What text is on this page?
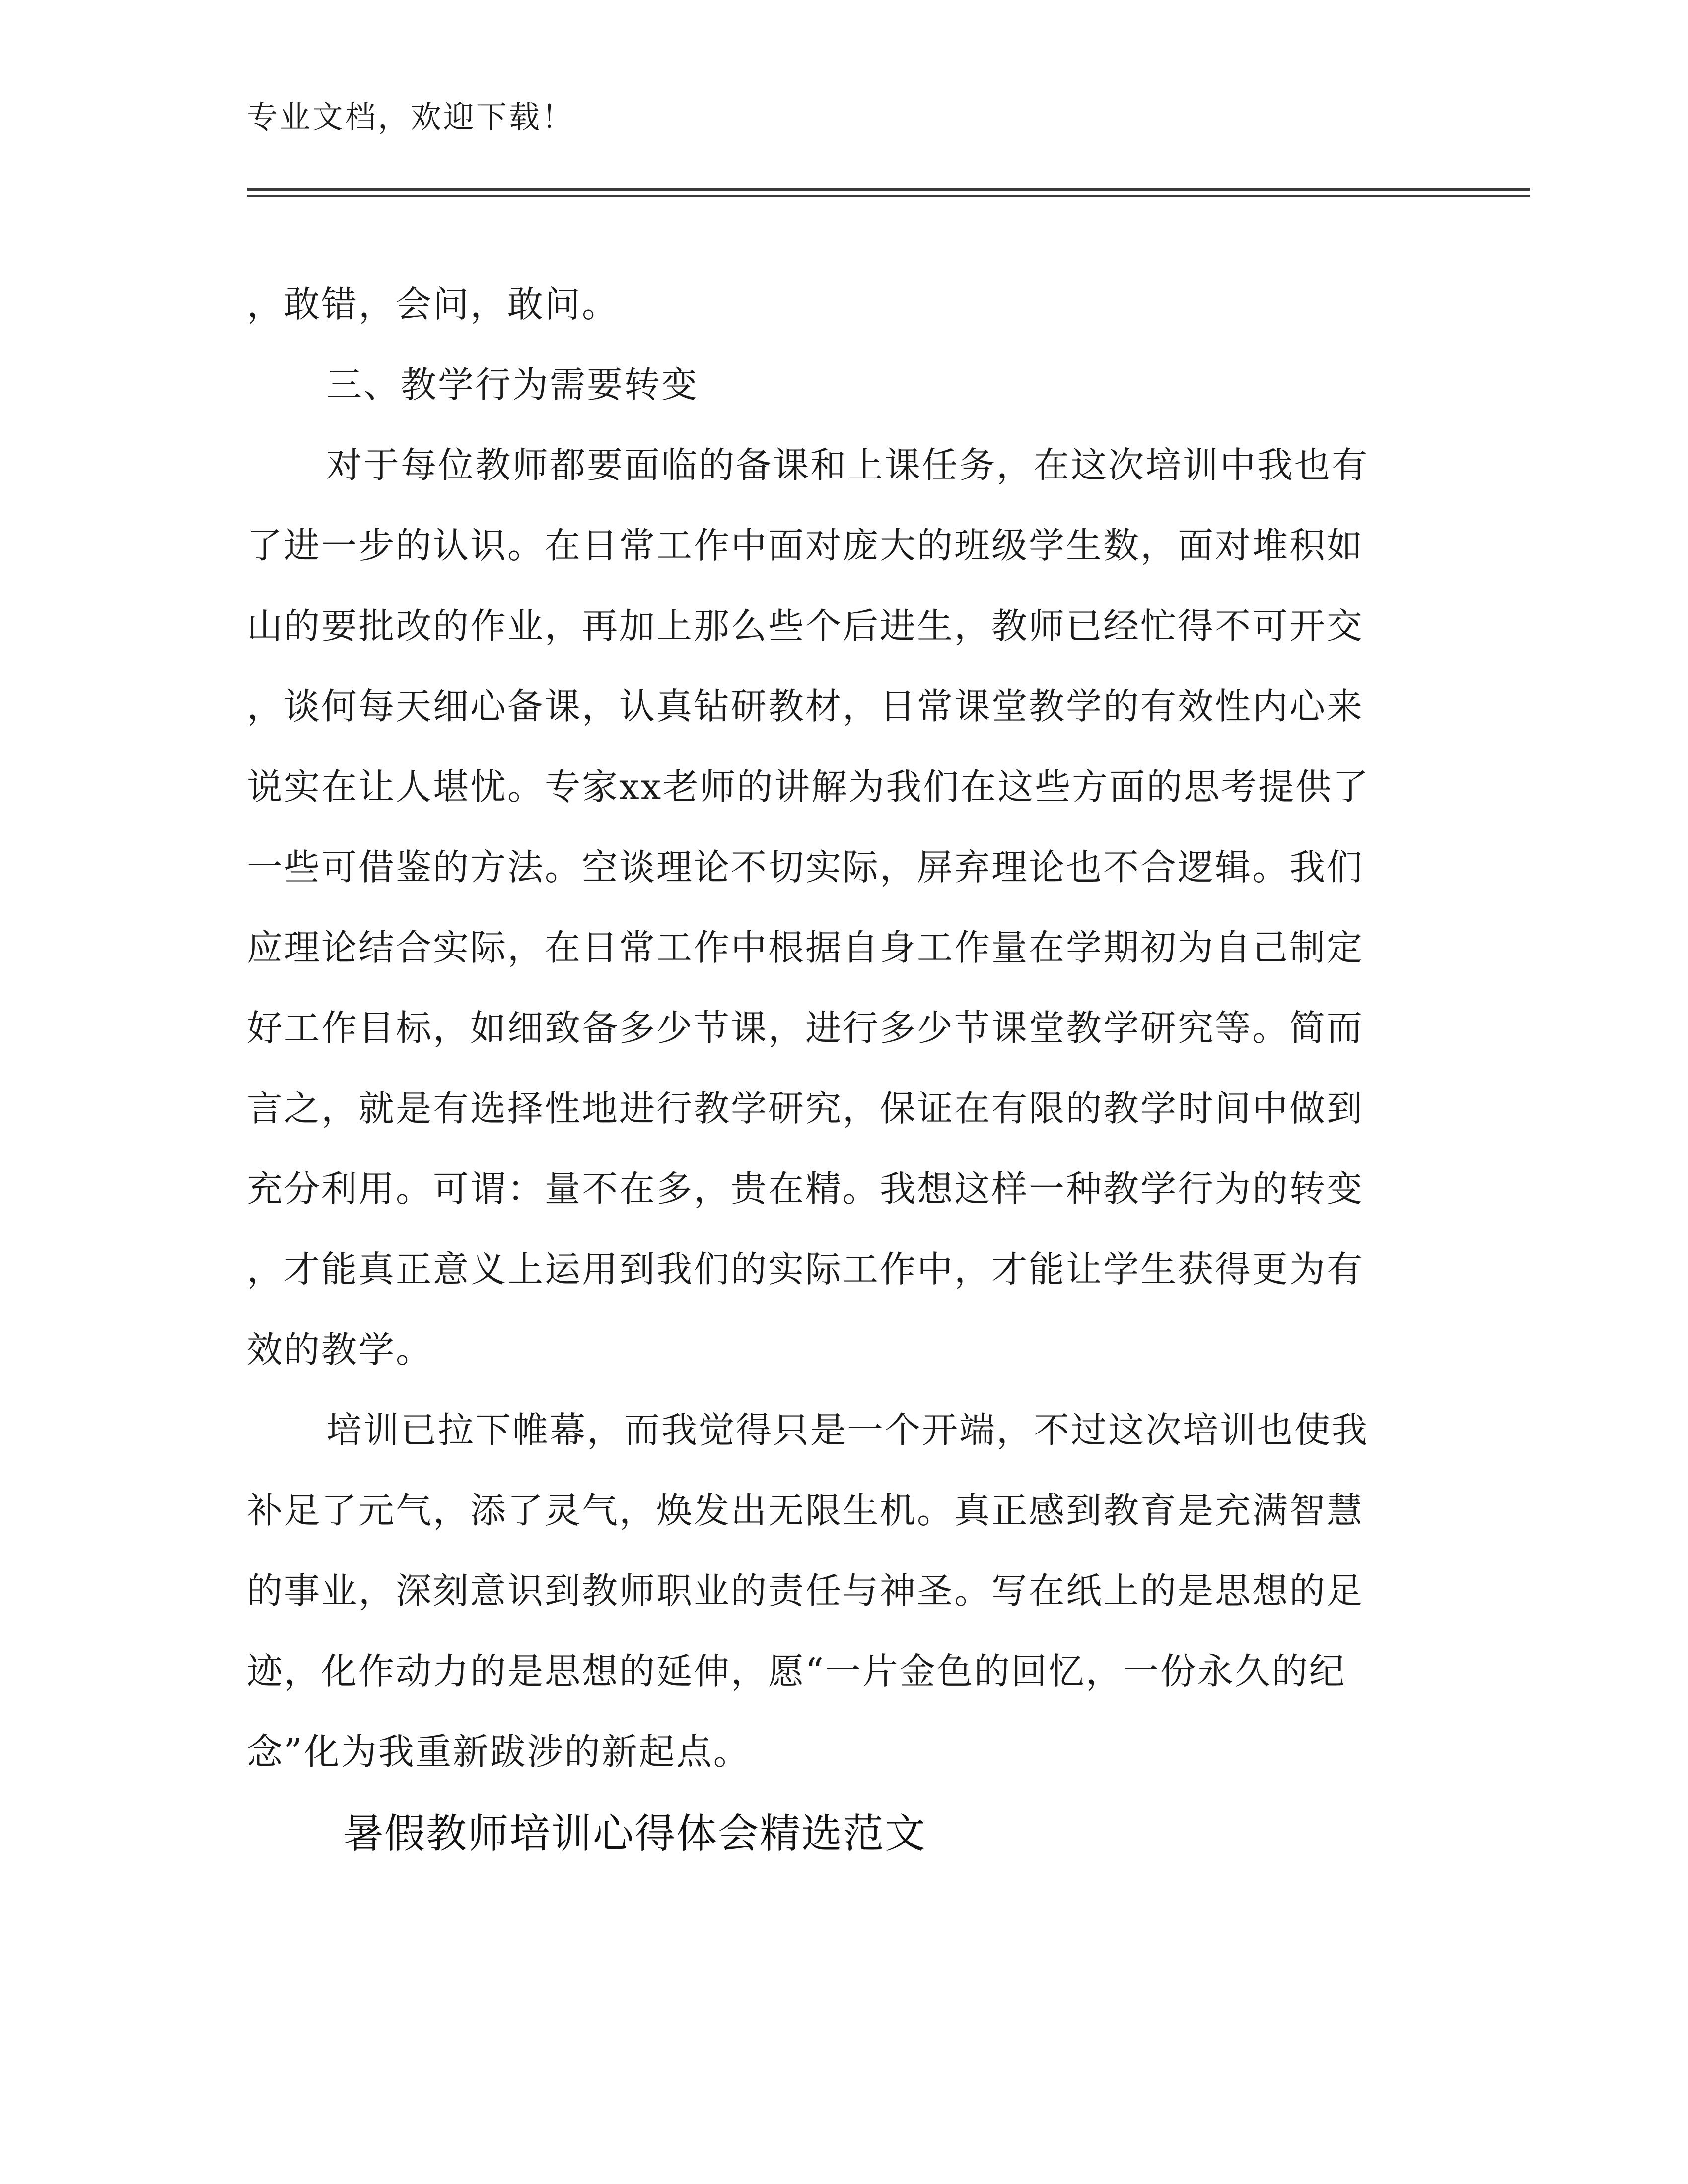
专业文档，欢迎下载！
，敢错，会问，敢问。
三、教学行为需要转变
对于每位教师都要面临的备课和上课任务，在这次培训中我也有
了进一步的认识。在日常工作中面对庞大的班级学生数，面对堆积如
山的要批改的作业，再加上那么些个后进生，教师已经忙得不可开交
，谈何每天细心备课，认真钻研教材，日常课堂教学的有效性内心来
说实在让人堪忧。专家xx老师的讲解为我们在这些方面的思考提供了
一些可借鉴的方法。空谈理论不切实际，屏弃理论也不合逻辑。我们
应理论结合实际，在日常工作中根据自身工作量在学期初为自己制定
好工作目标，如细致备多少节课，进行多少节课堂教学研究等。简而
言之，就是有选择性地进行教学研究，保证在有限的教学时间中做到
充分利用。可谓：量不在多，贵在精。我想这样一种教学行为的转变
，才能真正意义上运用到我们的实际工作中，才能让学生获得更为有
效的教学。
培训已拉下帷幕，而我觉得只是一个开端，不过这次培训也使我
补足了元气，添了灵气，焕发出无限生机。真正感到教育是充满智慧
的事业，深刻意识到教师职业的责任与神圣。写在纸上的是思想的足
迹，化作动力的是思想的延伸，愿“一片金色的回忆，一份永久的纪
念”化为我重新跋涉的新起点。
暑假教师培训心得体会精选范文
